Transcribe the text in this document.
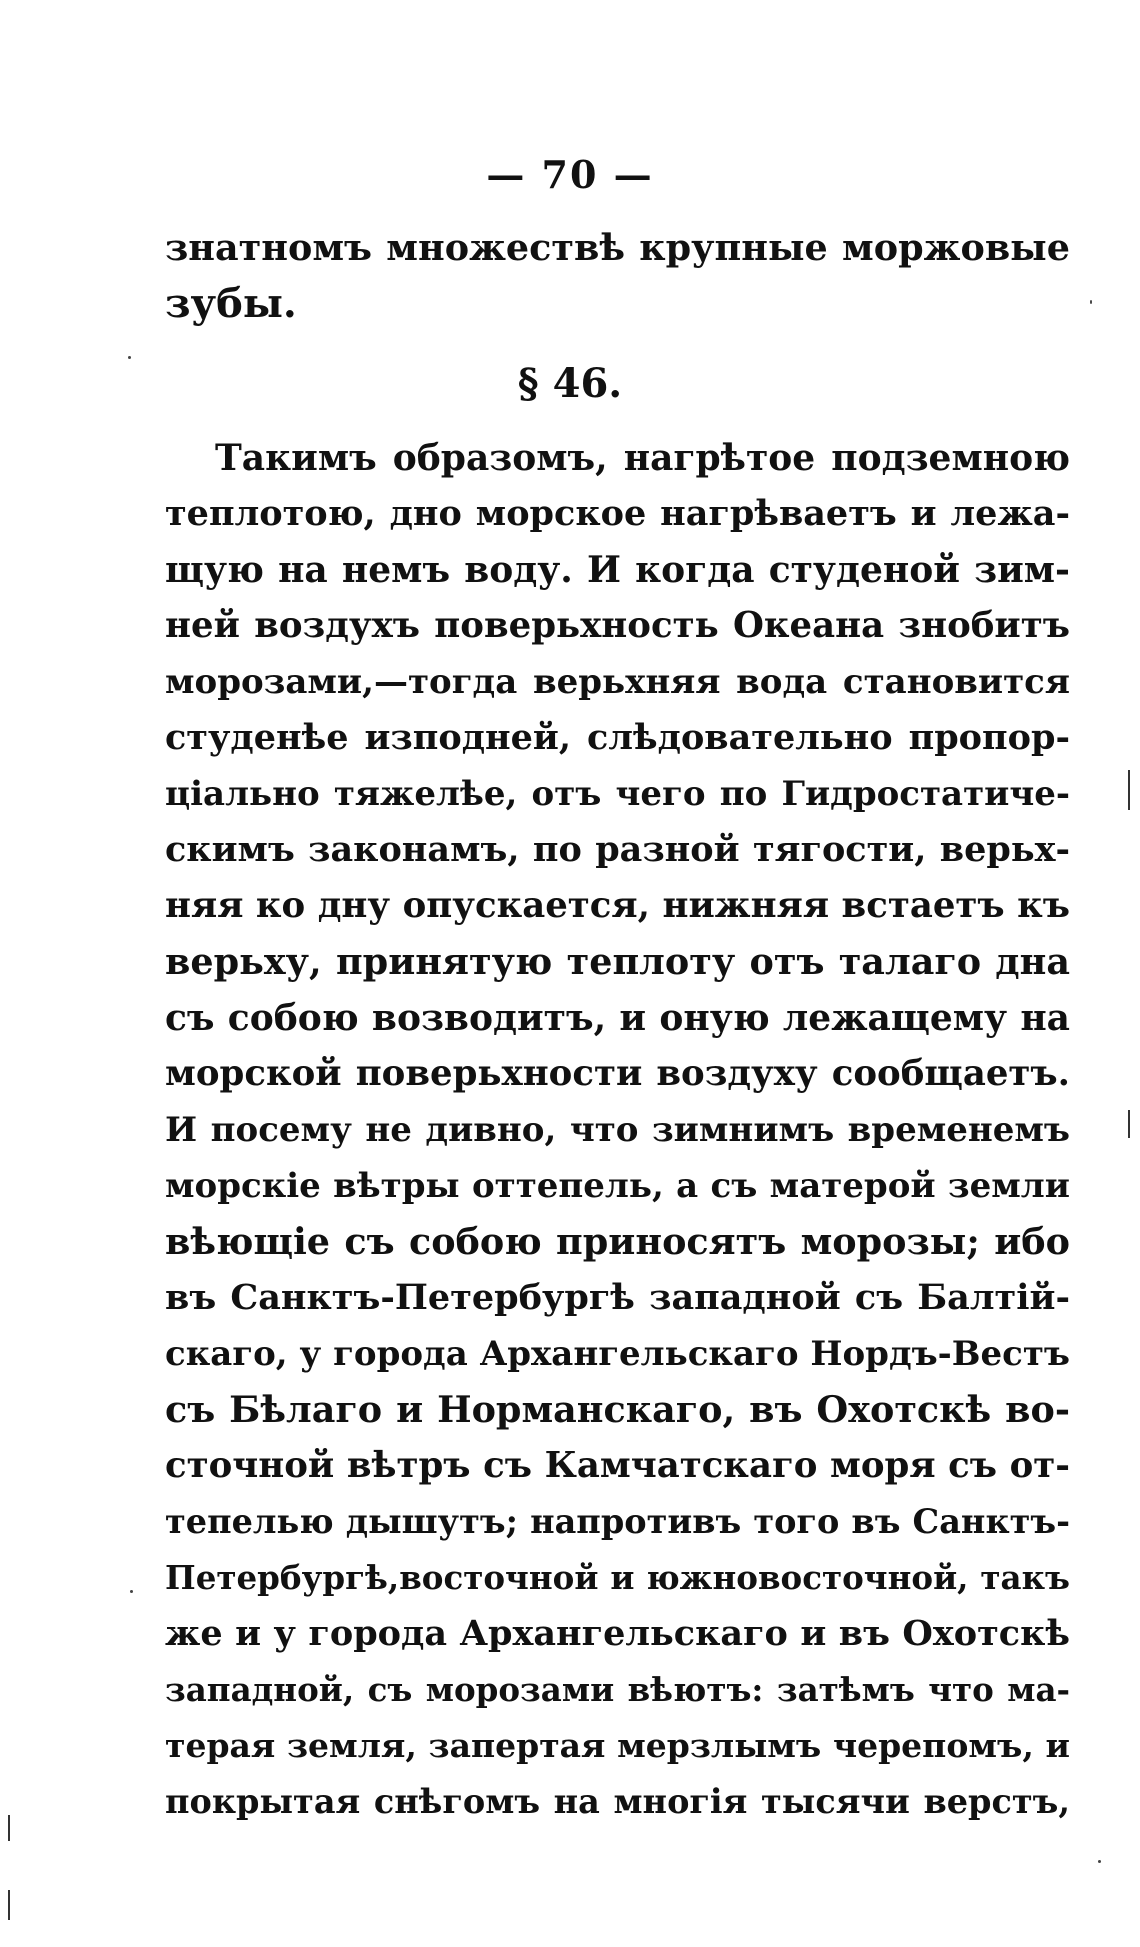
— 70 —
знатномъ множествѣ крупные моржовые
зубы.
§ 46.
Такимъ образомъ, нагрѣтое подземною
теплотою, дно морское нагрѣваетъ и лежа-
щую на немъ воду. И когда студеной зим-
ней воздухъ поверьхность Океана знобитъ
морозами,—тогда верьхняя вода становится
студенѣе изподней, слѣдовательно пропор-
ціально тяжелѣе, отъ чего по Гидростатиче-
скимъ законамъ, по разной тягости, верьх-
няя ко дну опускается, нижняя встаетъ къ
верьху, принятую теплоту отъ талаго дна
съ собою возводитъ, и оную лежащему на
морской поверьхности воздуху сообщаетъ.
И посему не дивно, что зимнимъ временемъ
морскіе вѣтры оттепель, а съ матерой земли
вѣющіе съ собою приносятъ морозы; ибо
въ Санктъ-Петербургѣ западной съ Балтій-
скаго, у города Архангельскаго Нордъ-Вестъ
съ Бѣлаго и Норманскаго, въ Охотскѣ во-
сточной вѣтръ съ Камчатскаго моря съ от-
тепелью дышутъ; напротивъ того въ Санктъ-
Петербургѣ,восточной и южновосточной, такъ
же и у города Архангельскаго и въ Охотскѣ
западной, съ морозами вѣютъ: затѣмъ что ма-
терая земля, запертая мерзлымъ черепомъ, и
покрытая снѣгомъ на многія тысячи верстъ,
